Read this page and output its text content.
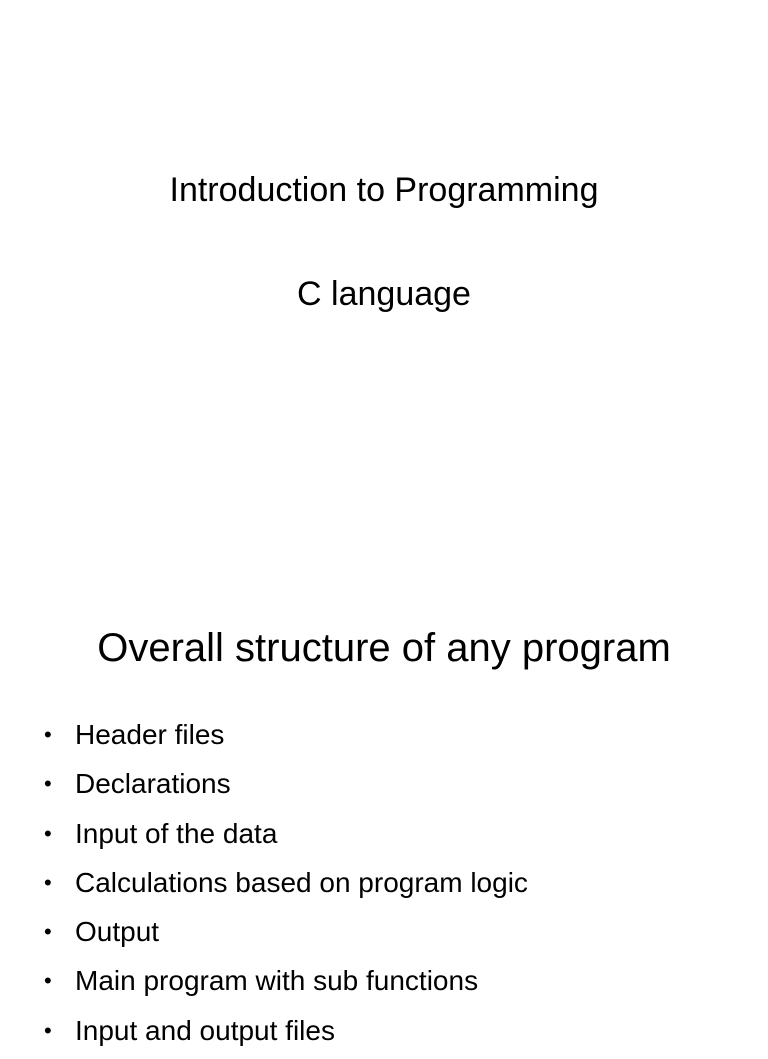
Introduction to Programming
C language
Overall structure of any program
• Header files
• Declarations
• Input of the data
• Calculations based on program logic
• Output
• Main program with sub functions
• Input and output files
